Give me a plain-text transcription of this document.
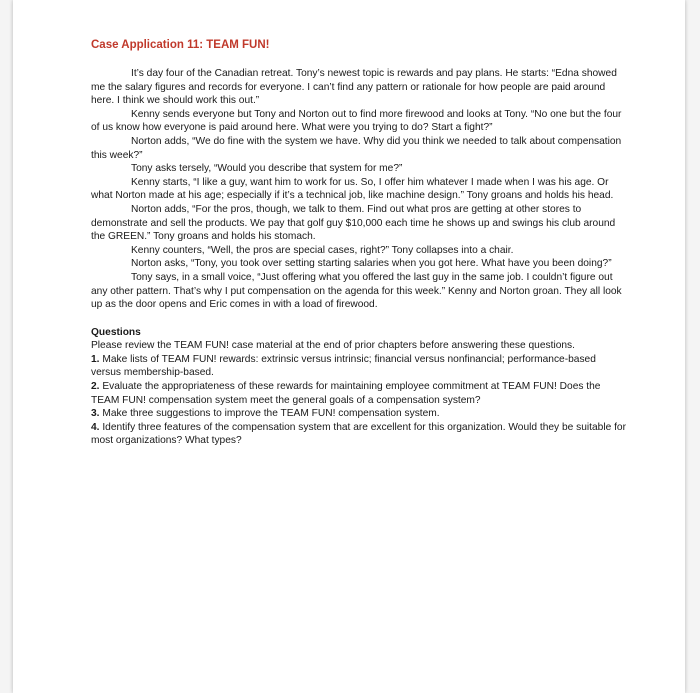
Case Application 11: TEAM FUN!

It’s day four of the Canadian retreat. Tony’s newest topic is rewards and pay plans. He starts: “Edna showed me the salary figures and records for everyone. I can’t find any pattern or rationale for how people are paid around here. I think we should work this out.”

Kenny sends everyone but Tony and Norton out to find more firewood and looks at Tony. “No one but the four of us know how everyone is paid around here. What were you trying to do? Start a fight?”

Norton adds, “We do fine with the system we have. Why did you think we needed to talk about compensation this week?”

Tony asks tersely, “Would you describe that system for me?”

Kenny starts, “I like a guy, want him to work for us. So, I offer him whatever I made when I was his age. Or what Norton made at his age; especially if it’s a technical job, like machine design.” Tony groans and holds his head.

Norton adds, “For the pros, though, we talk to them. Find out what pros are getting at other stores to demonstrate and sell the products. We pay that golf guy $10,000 each time he shows up and swings his club around the GREEN.” Tony groans and holds his stomach.

Kenny counters, “Well, the pros are special cases, right?” Tony collapses into a chair.

Norton asks, “Tony, you took over setting starting salaries when you got here. What have you been doing?”

Tony says, in a small voice, “Just offering what you offered the last guy in the same job. I couldn’t figure out any other pattern. That’s why I put compensation on the agenda for this week.” Kenny and Norton groan. They all look up as the door opens and Eric comes in with a load of firewood.

Questions

Please review the TEAM FUN! case material at the end of prior chapters before answering these questions.

1. Make lists of TEAM FUN! rewards: extrinsic versus intrinsic; financial versus nonfinancial; performance-based versus membership-based.

2. Evaluate the appropriateness of these rewards for maintaining employee commitment at TEAM FUN! Does the TEAM FUN! compensation system meet the general goals of a compensation system?

3. Make three suggestions to improve the TEAM FUN! compensation system.

4. Identify three features of the compensation system that are excellent for this organization. Would they be suitable for most organizations? What types?
